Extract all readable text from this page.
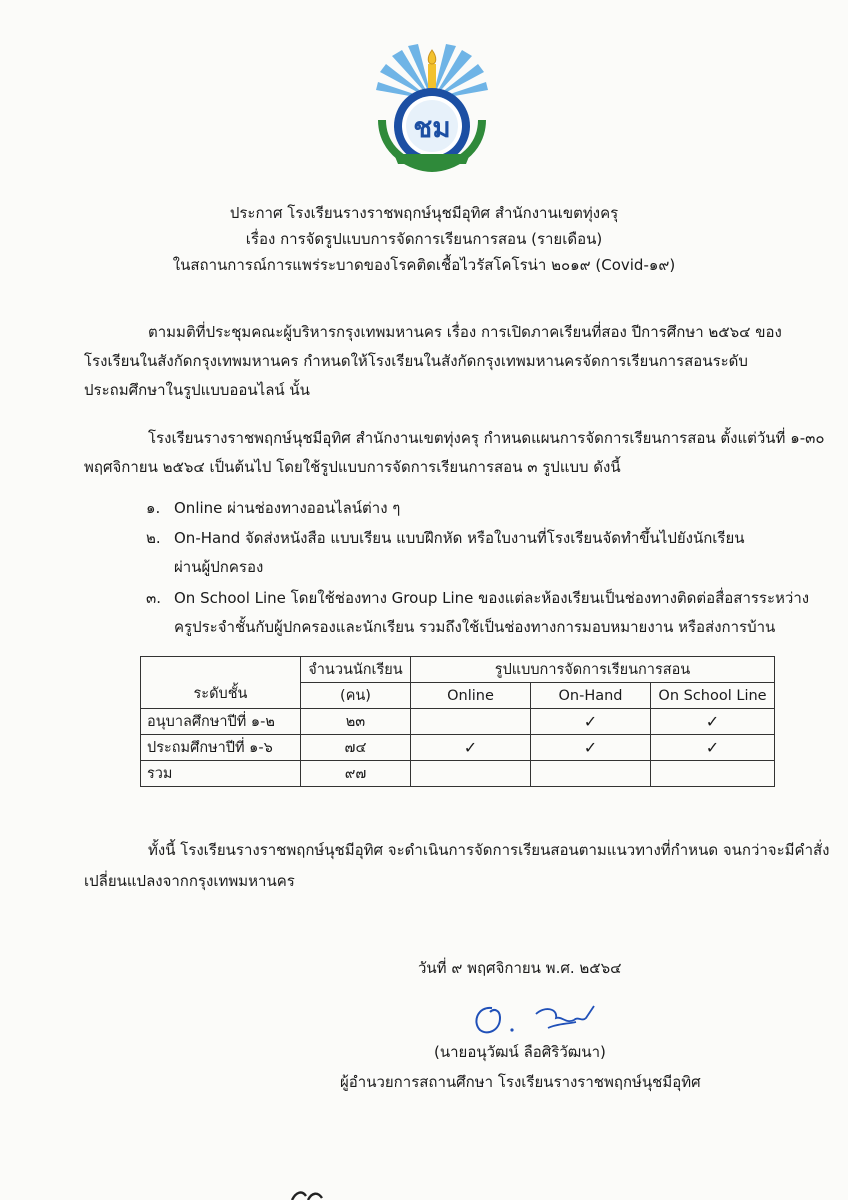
ชม
ประกาศ โรงเรียนรางราชพฤกษ์นุชมีอุทิศ สำนักงานเขตทุ่งครุ
เรื่อง การจัดรูปแบบการจัดการเรียนการสอน (รายเดือน)
ในสถานการณ์การแพร่ระบาดของโรคติดเชื้อไวรัสโคโรน่า ๒๐๑๙ (Covid-๑๙)
ตามมติที่ประชุมคณะผู้บริหารกรุงเทพมหานคร เรื่อง การเปิดภาคเรียนที่สอง ปีการศึกษา ๒๕๖๔ ของ
โรงเรียนในสังกัดกรุงเทพมหานคร กำหนดให้โรงเรียนในสังกัดกรุงเทพมหานครจัดการเรียนการสอนระดับ
ประถมศึกษาในรูปแบบออนไลน์ นั้น
โรงเรียนรางราชพฤกษ์นุชมีอุทิศ สำนักงานเขตทุ่งครุ กำหนดแผนการจัดการเรียนการสอน ตั้งแต่วันที่ ๑-๓๐
พฤศจิกายน ๒๕๖๔ เป็นต้นไป โดยใช้รูปแบบการจัดการเรียนการสอน ๓ รูปแบบ ดังนี้
๑. Online ผ่านช่องทางออนไลน์ต่าง ๆ
๒. On-Hand จัดส่งหนังสือ แบบเรียน แบบฝึกหัด หรือใบงานที่โรงเรียนจัดทำขึ้นไปยังนักเรียน
ผ่านผู้ปกครอง
๓. On School Line โดยใช้ช่องทาง Group Line ของแต่ละห้องเรียนเป็นช่องทางติดต่อสื่อสารระหว่าง
ครูประจำชั้นกับผู้ปกครองและนักเรียน รวมถึงใช้เป็นช่องทางการมอบหมายงาน หรือส่งการบ้าน
ระดับชั้น	จำนวนนักเรียน	รูปแบบการจัดการเรียนการสอน		
	(คน)	Online	On-Hand	On School Line
อนุบาลศึกษาปีที่ ๑-๒	๒๓		✓	✓
ประถมศึกษาปีที่ ๑-๖	๗๔	✓	✓	✓
รวม	๙๗			
ทั้งนี้ โรงเรียนรางราชพฤกษ์นุชมีอุทิศ จะดำเนินการจัดการเรียนสอนตามแนวทางที่กำหนด จนกว่าจะมีคำสั่ง
เปลี่ยนแปลงจากกรุงเทพมหานคร
วันที่ ๙ พฤศจิกายน พ.ศ. ๒๕๖๔
(นายอนุวัฒน์ ลือศิริวัฒนา)
ผู้อำนวยการสถานศึกษา โรงเรียนรางราชพฤกษ์นุชมีอุทิศ
